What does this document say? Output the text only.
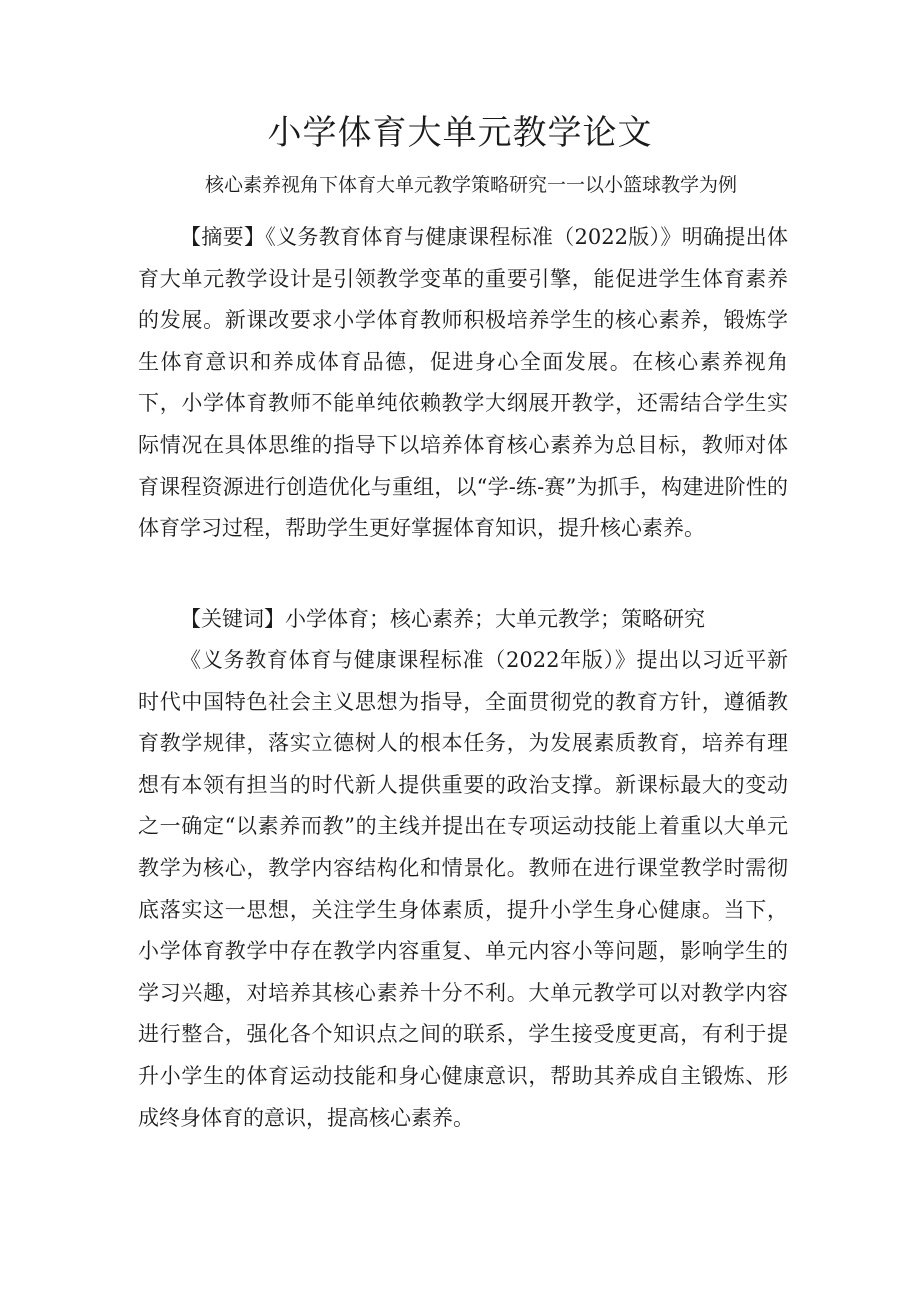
小学体育大单元教学论文

核心素养视角下体育大单元教学策略研究一一以小篮球教学为例

【摘要】《义务教育体育与健康课程标准（2022版）》明确提出体育大单元教学设计是引领教学变革的重要引擎，能促进学生体育素养的发展。新课改要求小学体育教师积极培养学生的核心素养，锻炼学生体育意识和养成体育品德，促进身心全面发展。在核心素养视角下，小学体育教师不能单纯依赖教学大纲展开教学，还需结合学生实际情况在具体思维的指导下以培养体育核心素养为总目标，教师对体育课程资源进行创造优化与重组，以“学-练-赛”为抓手，构建进阶性的体育学习过程，帮助学生更好掌握体育知识，提升核心素养。

【关键词】小学体育；核心素养；大单元教学；策略研究

《义务教育体育与健康课程标准（2022年版）》提出以习近平新时代中国特色社会主义思想为指导，全面贯彻党的教育方针，遵循教育教学规律，落实立德树人的根本任务，为发展素质教育，培养有理想有本领有担当的时代新人提供重要的政治支撑。新课标最大的变动之一确定“以素养而教”的主线并提出在专项运动技能上着重以大单元教学为核心，教学内容结构化和情景化。教师在进行课堂教学时需彻底落实这一思想，关注学生身体素质，提升小学生身心健康。当下，小学体育教学中存在教学内容重复、单元内容小等问题，影响学生的学习兴趣，对培养其核心素养十分不利。大单元教学可以对教学内容进行整合，强化各个知识点之间的联系，学生接受度更高，有利于提升小学生的体育运动技能和身心健康意识，帮助其养成自主锻炼、形成终身体育的意识，提高核心素养。
